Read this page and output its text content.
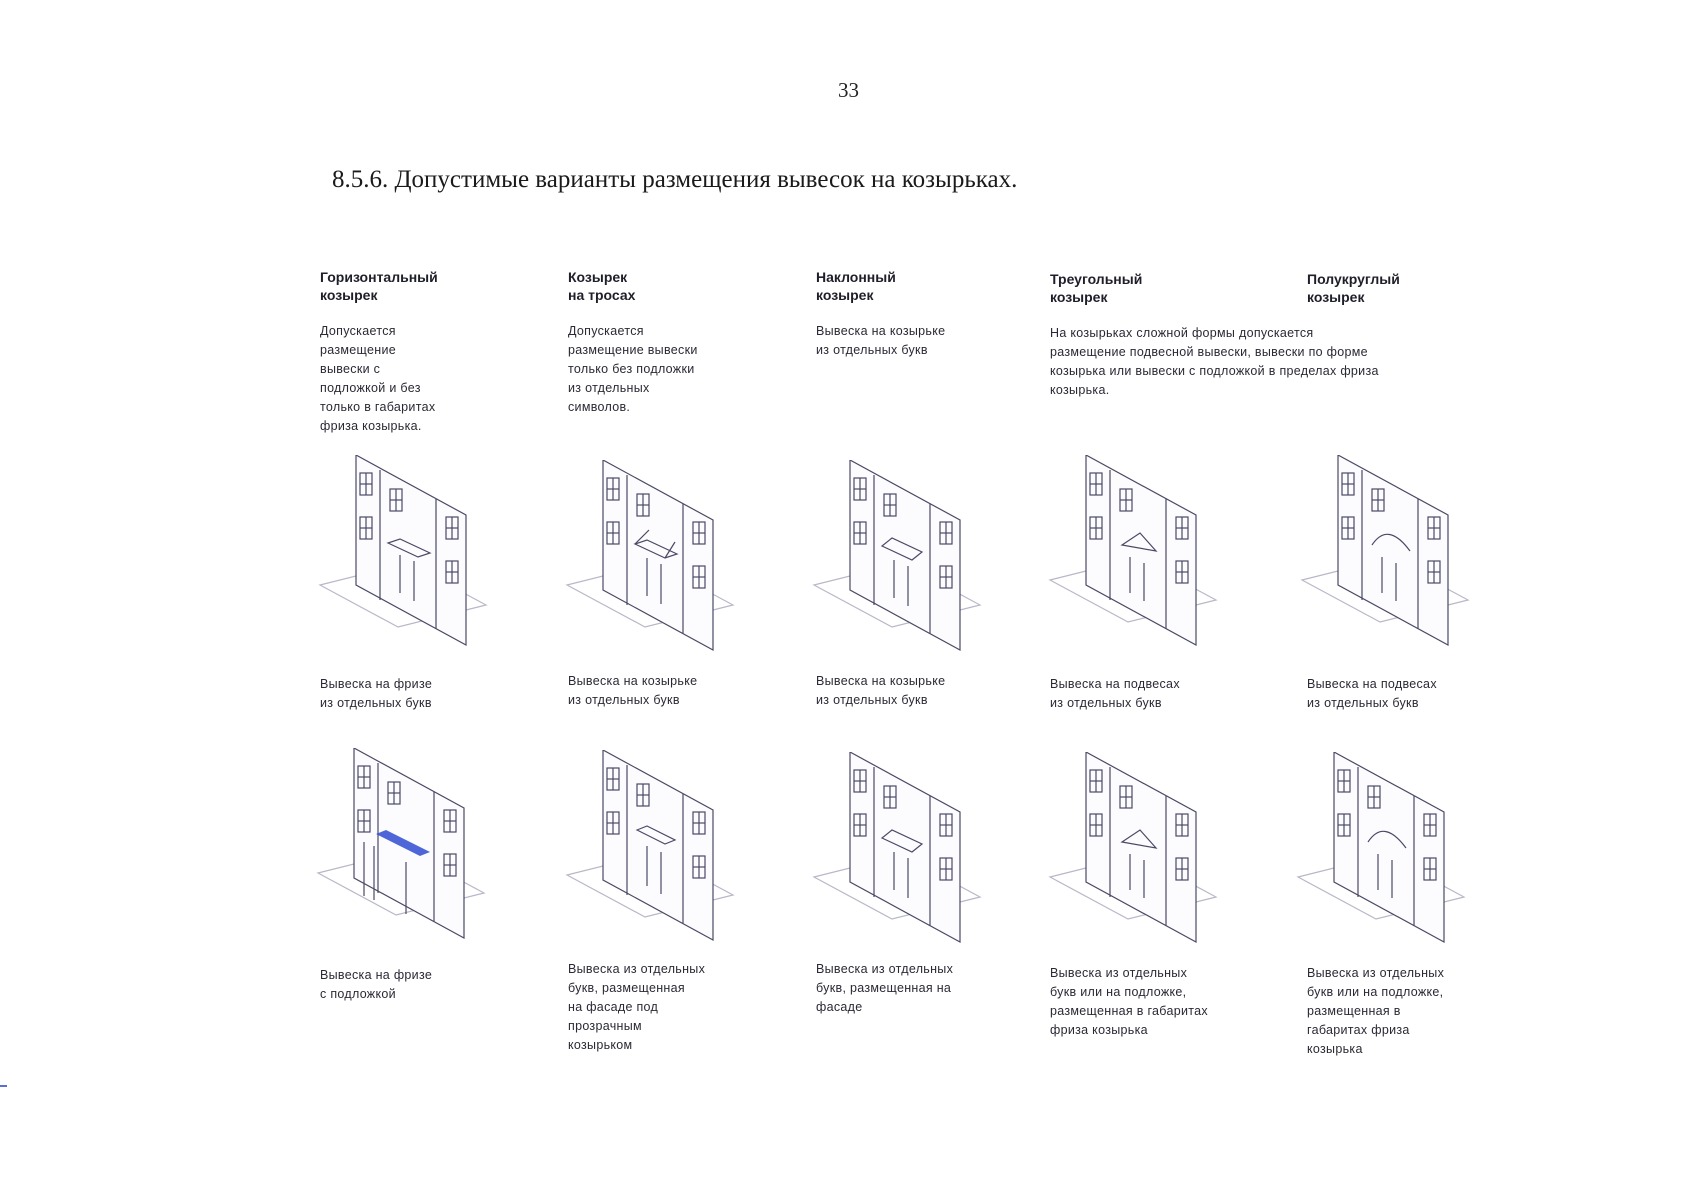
33
8.5.6. Допустимые варианты размещения вывесок на козырьках.
Горизонтальный
козырек
Допускается
размещение
вывески с
подложкой и без
только в габаритах
фриза козырька.
Козырек
на тросах
Допускается
размещение вывески
только без подложки
из отдельных
символов.
Наклонный
козырек
Вывеска на козырьке
из отдельных букв
Треугольный
козырек
Полукруглый
козырек
На козырьках сложной формы допускается
размещение подвесной вывески, вывески по форме
козырька или вывески с подложкой в пределах фриза
козырька.
Вывеска на фризе
из отдельных букв
Вывеска на козырьке
из отдельных букв
Вывеска на козырьке
из отдельных букв
Вывеска на подвесах
из отдельных букв
Вывеска на подвесах
из отдельных букв
Вывеска на фризе
с подложкой
Вывеска из отдельных
букв, размещенная
на фасаде под
прозрачным
козырьком
Вывеска из отдельных
букв, размещенная на
фасаде
Вывеска из отдельных
букв или на подложке,
размещенная в габаритах
фриза козырька
Вывеска из отдельных
букв или на подложке,
размещенная в
габаритах фриза
козырька
